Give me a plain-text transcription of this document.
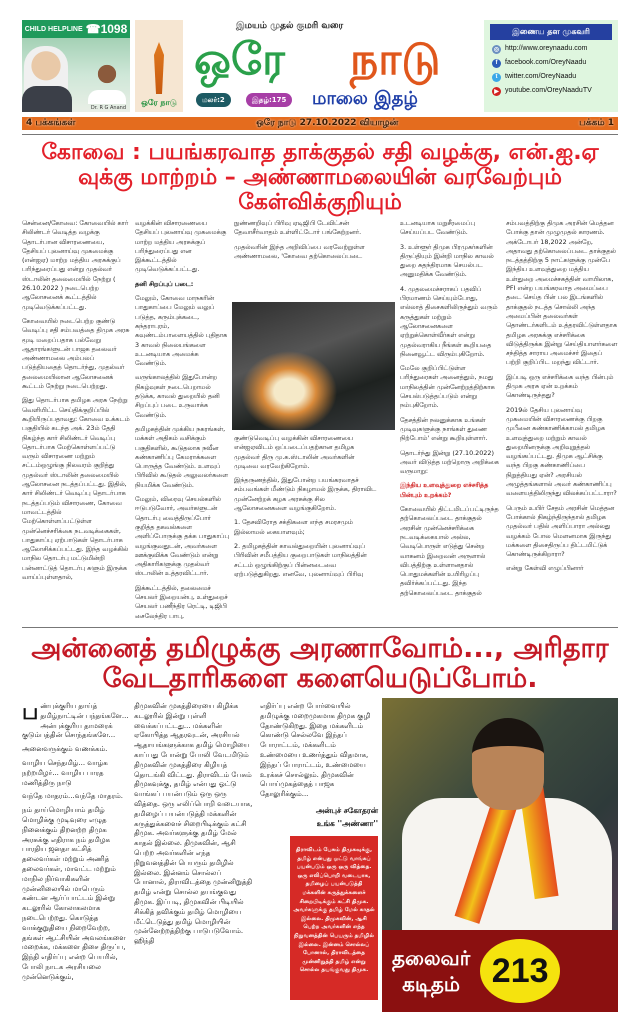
CHILD HELPLINE ☎1098
Dr. R G Anand
ஒரே நாடு
இமயம் முதல் குமரி வரை
ஒரே	நாடு
மலர்:2	இதழ்:175	மாலை இதழ்
இணைய தள முகவரி
◎ http://www.oreynaadu.com
f	facebook.com/OreyNaadu
t	twitter.com/OreyNaadu
▶ youtube.com/OreyNaaduTV
4 பக்கங்கள்	ஒரே நாடு 27.10.2022 வியாழன்	பக்கம் 1
கோவை : பயங்கரவாத தாக்குதல் சதி வழக்கு, என்.ஐ.ஏ வுக்கு மாற்றம் – அண்ணாமலையின் வரவேற்பும் கேள்விக்குறியும்

சென்னை/கோவை: கோவையில் கார் சிலிண்டர் வெடித்த வழக்கு தொடர்பான விசாரணையை, தேசியப் புலனாய்வு முகமைக்கு (என்ஐஏ) மாற்ற மத்திய அரசுக்குப் பரிந்துரைப்பது என்று முதல்வர் ஸ்டாலின் தலைமையில் நேற்று ( 26.10.2022 ) நடைபெற்ற ஆலோசனைக் கூட்டத்தில் முடிவெடுக்கப்பட்டது.

கோவையில் நடைபெற்ற குண்டு வெடிப்பு சதி சம்பவத்தை திமுக அரசு மூடி மறைப்பதாக பல்வேறு ஆதாரங்களுடன் பாஜக தலைவர் அண்ணாமலை அம்பலப் படுத்தியதைத் தொடர்ந்து, முதல்வர் தலைமையிலான ஆலோசனைக் கூட்டம் நேற்று நடைபெற்றது.

இது தொடர்பாக தமிழக அரசு நேற்று வெளியிட்ட செய்திக்குறிப்பில் கூறியிருப்பதாவது: கோவை உக்கடம் பகுதியில் கடந்த அக். 23ம் தேதி நிகழ்ந்த கார் சிலிண்டர் வெடிப்பு தொடர்பாக மேற்கொள்ளப்பட்டு வரும் விசாரணை மற்றும் சட்டம்ஒழுங்கு நிலவரம் குறித்து முதல்வர் ஸ்டாலின் தலைமையில் ஆலோசனை நடத்தப்பட்டது. இதில், கார் சிலிண்டர் வெடிப்பு தொடர்பாக நடத்தப்படும் விசாரணை, கோவை மாவட்டத்தில் மேற்கொள்ளப்பட்டுள்ள முன்னெச்சரிக்கை நடவடிக்கைகள், பாதுகாப்பு ஏற்பாடுகள் தொடர்பாக ஆலோசிக்கப்பட்டது. இந்த வழக்கில் மாநில தொடர்பு மட்டுமின்றி பன்னாட்டுத் தொடர்பு களும் இருக்க வாய்ப்புள்ளதால்,

வழக்கின் விசாரணையை தேசியப் புலனாய்வு முகமைக்கு மாற்ற மத்திய அரசுக்குப் பரிந்துரைப்பது என இக்கூட்டத்தில் முடிவெடுக்கப்பட்டது.

தனி சிறப்புப் படை:

மேலும், கோவை மாநகரின் பாதுகாப்பை மேலும் வலுப் படுத்த, கரும்புக்கடை, சுந்தராபுரம், கவுண்டம்பாளையத்தில் புதிதாக 3 காவல் நிலையங்களை உடனடியாக அமைக்க வேண்டும்.

வருங்காலத்தில் இதுபோன்ற நிகழ்வுகள் நடைபெறாமல் தடுக்க, காவல் துறையில் தனி சிறப்புப் படை உருவாக்க வேண்டும்.

தமிழகத்தின் முக்கிய நகரங்கள், மக்கள் அதிகம் வசிக்கும் பகுதிகளில், கூடுதலாக நவீன கண்காணிப்பு கேமராக்களை பொருத்த வேண்டும். உளவுப் பிரிவில் கூடுதல் அலுவலர்களை நியமிக்க வேண்டும்.

மேலும், விரைவு செயல்களில் ஈடுபடுவோர், அவர்களுடன் தொடர்பு வைத்திருப்போர் குறித்த தகவல்களை அளிப்போருக்கு தக்க பாதுகாப்பு வழங்குவதுடன், அவர்களை ஊக்குவிக்க வேண்டும் என்று அதிகாரிகளுக்கு முதல்வர் ஸ்டாலின் உத்தரவிட்டார்.

இக்கூட்டத்தில், தலைமைச் செயலர் இறையன்பு, உள்துறைச் செயலர் பணீந்திர ரெட்டி, டிஜிபி சைலேந்திர பாபு,

நுண்ணறிவுப் பிரிவு ஏடிஜிபி டேவிட்சன் தேவாசீர்வாதம் உள்ளிட்டோர் பங்கேற்றனர்.

முதல்வரின் இந்த அறிவிப்பை வரவேற்றுள்ள அண்ணாமலை, 'கோவை தற்கொலைப்படை

குண்டுவெடிப்பு வழக்கின் விசாரணையை என்ஐஏவிடம் ஒப்படைப்பதற்கான தமிழக முதல்வர் திரு மு.க.ஸ்டாலின் அவர்களின் முடிவை வரவேற்கிறோம்.

இந்தருணத்தில், இதுபோன்ற பயங்கரவாதச் சம்பவங்கள் மீண்டும் நிகழாமல் இருக்க, திராவிட முன்னேற்றக் கழக அரசுக்கு சில ஆலோசனைகளை வழங்குகிறோம்.

1. தேசவிரோத சக்திகளை எந்த சமரசமும் இல்லாமல் கையாளவும்;

2. தமிழகத்தின் காவல்துறையின் புலனாய்வுப் பிரிவின் சமீபத்திய குறைபாடுகள் மாநிலத்தின் சட்டம் ஒழுங்கிற்குப் பின்னடைவை ஏற்படுத்துகிறது. எனவே, புலனாய்வுப் பிரிவு

உடனடியாக மறுசீரமைப்பு செய்யப்பட வேண்டும்.

3. உள்ளூர் திமுக பிரமுகர்களின் திருப்தியும் இன்றி மாநில காவல் துறை சுதந்திரமாக செயல்பட அனுமதிக்க வேண்டும்.

4. முதலமைச்சராகப் பதவிப் பிரமாணம் செய்யும்போது, எல்லாத் திசைகளிலிருந்தும் வரும் கருத்துகள் மற்றும் ஆலோசனைகளை ஏற்றுக்கொள்வீர்கள் என்று முதல்வராகிய நீங்கள் கூறியதை நினைவூட்ட விரும்புகிறோம்.

மேலே குறிப்பிட்டுள்ள பரிந்துரைகள் அனைத்தும், நமது மாநிலத்தின் முன்னேற்றத்திற்காக செயல்படுத்தப்படும் என்று நம்புகிறோம்.

தேசத்தின் நலனுக்காக உங்கள் முடிவுகளுக்கு நாங்கள் துணை நிற்போம்' என்று கூறியுள்ளார்.

தொடர்ந்து இன்று (27.10.2022) அவர் விடுத்த மற்றொரு அறிக்கை வருமாறு:

இந்திய உளவுத்துறை எச்சரித்த பின்பும் உறக்கம்?

கோவையில் திட்டமிடப்பட்டிருந்த தற்கொலைப்படை தாக்குதல் அரசின் முன்னெச்சரிக்கை நடவடிக்கையால் அல்ல, வெடிபொருள் எடுத்து சென்ற வாகனம் இறைவன் அருளால் விபத்திற்கு உள்ளானதால் பொதுமக்களின் உயிரிழப்பு தவிர்க்கப்பட்டது. இந்த தற்கொலைப்படை தாக்குதல்

சம்பவத்திற்கு திமுக அரசின் மெத்தன போக்கு தான் முழுமுதல் காரணம். அக்டோபர் 18,2022 அன்றே, அதாவது தற்கொலைப்படை தாக்குதல் நடத்தத்திற்கு 5 நாட்களுக்கு முன்பே இந்திய உளவுத்துறை மத்திய உள்துறை அமைச்சகத்தின் வாயிலாக, PFI என்ற பயங்கரவாத அமைப்பை தடை செய்த பின் பல இடங்களில் தாக்குதல் நடத்த சொல்லி அந்த அமைப்பின் தலைவர்கள் தொண்டர்களிடம் உத்தரவிட்டுள்ளதாக தமிழக அரசுக்கு எச்சரிக்கை விடுத்திருக்க இன்று செய்தியாளர்களை சந்தித்த சாராய அமைச்சர் இதைப் பற்றி குறிப்பிட மறந்து விட்டார்.

இப்படி ஒரு எச்சரிக்கை வந்த பின்பும் திமுக அரசு ஏன் உறக்கம் கொண்டிருந்தது?

2019ல் தேசிய புலனாய்வு முகமையின் விசாரணைக்கு பிறகு முபீனை கண்காணிக்காமல் தமிழக உளவுத்துறை மற்றும் காவல் துறையினருக்கு அறிவுறுத்தல் வழங்கப்பட்டது. திமுக ஆட்சிக்கு வந்த பிறகு கண்காணிப்பை நிறுத்தியது ஏன்? அரசியல் அழுத்தங்களால் அவர் கண்காணிப்பு வளையத்திலிருந்து விலக்கப்பட்டாரா?

பெரும் உயிர் சேதம் அரசின் மெத்தன போக்கால் நிகழ்ந்திருந்தால் தமிழக முதல்வர் பதில் அளிப்பாரா அல்லது வழக்கம் போல மௌனமாக இருந்து மக்களை திசைதிருப்ப திட்டமிட்டுக் கொண்டிருக்கிறாரா?

என்று கேள்வி எழுப்பினார்

அன்னைத் தமிழுக்கு அரணாவோம்..., அரிதார வேடதாரிகளை களையெடுப்போம்.

பண்புக்குரிய தாய்த் தமிழ்நாட்டின் பந்தங்களே... அன்புக்குரிய தாமரைக் குடும்பத்தின் சொந்தங்களே...

அனைவருக்கும் வணக்கம்.

வாழிய செந்தமிழ்... வாழ்க நற்றமிழர்... வாழிய பாரத மணித்திரு நாடு

வந்தே மாதரம்...வந்தே மாதரம்.

நம் தாய்மொழியாம் தமிழ் மொழிக்கு முடிவுரை எழுத நினைக்கும் திறனற்ற திமுக அரசுக்கு எதிராக நம் தமிழக பாரதிய ஜனதா கட்சித் தலைவர்கள் மற்றும் அணித் தலைவர்கள், மாவட்ட மற்றும் மாநில நிர்வாகிகளின் முன்னிலையில் மாபெரும் கண்டன ஆர்ப்பாட்டம் இன்று கடலூரில் கோலாகலமாக நடைபெற்றது. கொடுத்த வாக்குறுதியை நிறைவேற்ற, தங்கள் ஆட்சியின் அவலங்களை மறைக்க, மக்களை திசை திருப்ப, இந்தி எதிர்ப்பு என்ற பெயரில், போலி நாடக அரசியலை முன்னெடுக்கும்,

திமுகவின் முகத்திரையை கிழிக்க கடலூரில் இன்று புள்ளி வைக்கப்பட்டது... மக்களின் ஏகோபித்த ஆதரவுடன், அரசியல் ஆதாயங்களுக்காக தமிழ் மொழியை காப்பது போன்று போலி வேடமிடும் திமுகவின் முகத்திரை கிழியத் தொடங்கி விட்டது. திராவிடம் பேசும் திமுகவுக்கு, தமிழ் என்பது ஓட்டு வாங்கப் பயன்படும் ஒரு ஒரு வித்தை. ஒரு எலிப்பொறி வடையாக, தமிழைப் பயன்படுத்தி மக்களின் கருத்துக்களைச் சிறைபிடிக்கும் கட்சி திமுக. அவர்களுக்கு தமிழ் மேல் காதல் இல்லை. திமுகவின், ஆசி பெற்ற அவர்களின் எந்த நிறுவனத்தின் பெயரும் தமிழில் இல்லை. இன்னம் சொல்லப் போனால், திராவிடத்தை முன்னிறுத்தி தமிழ் என்று சொல்ல தயங்குவது திமுக. இப்படி, திமுகவின் பிடியில் சிக்கித் தவிக்கும் தமிழ் மொழியை மீட்டெடுத்து தமிழ் மொழியின் முன்னேற்றத்திற்கு பாடுபடுவோம். ஹிந்தி

எதிர்ப்பு என்ற போர்வையில் தமிழுக்கு மறைமுகமாக திமுக குழி தோண்டுகிறது. இதை மக்களிடம் கொண்டு செல்லவே இந்தப் போராட்டம், மக்களிடம் உண்மையை உணர்த்தும் விதமாக, இந்தப் போராட்டம், உண்மையை உரக்கச் சொல்லும். திமுகவின் பொய்முகத்தைத் பாஜக தோலுரிக்கும்...

அன்புச் சகோதரன்
உங்க ''அண்ணா''
திராவிடம் பேசும் திமுகவுக்கு, தமிழ் என்பது ஓட்டு வாங்கப் பயன்படும் ஒரு ஒரு வித்தை. ஒரு எலிப்பொறி வடையாக, தமிழைப் பயன்படுத்தி மக்களின் கருத்துக்களைச் சிறைபிடிக்கும் கட்சி திமுக. அவர்களுக்கு தமிழ் மேல் காதல் இல்லை. திமுகவின், ஆசி பெற்ற அவர்களின் எந்த நிறுவனத்தின் பெயரும் தமிழில் இல்லை. இன்னம் சொல்லப் போனால், திராவிடத்தை முன்னிறுத்தி தமிழ் என்று சொல்ல தயங்குவது திமுக.
தலைவர்
கடிதம் 213
